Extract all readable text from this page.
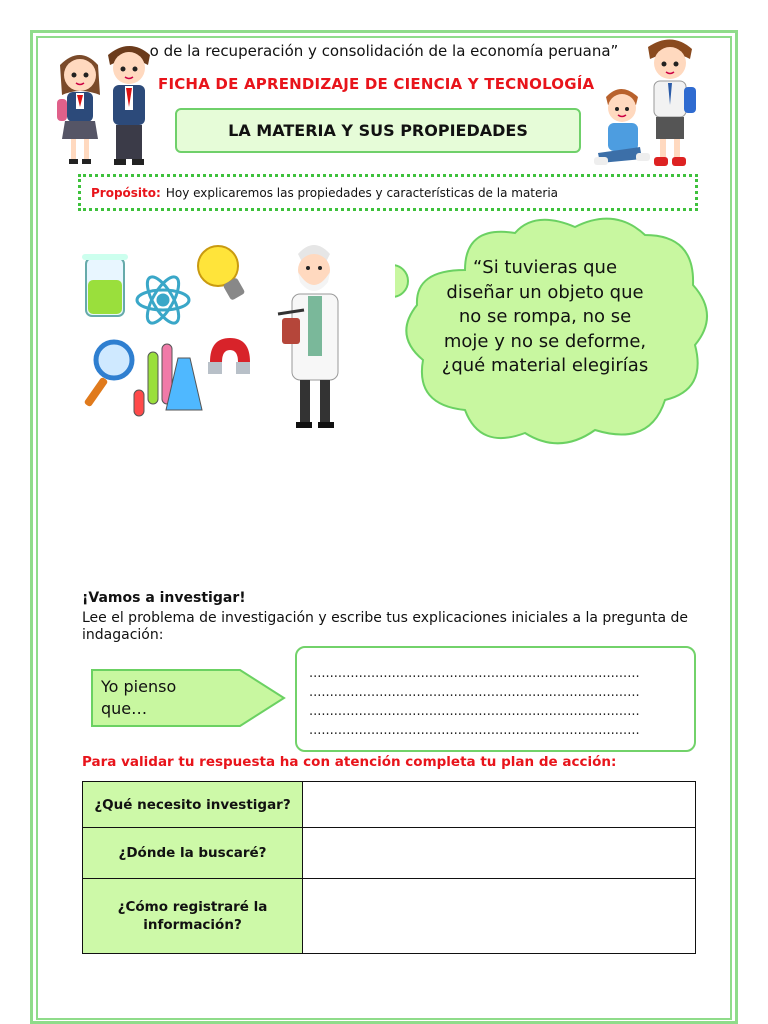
o de la recuperación y consolidación de la economía peruana”
FICHA DE APRENDIZAJE DE CIENCIA Y TECNOLOGÍA
LA MATERIA Y SUS PROPIEDADES
Propósito: Hoy explicaremos las propiedades y características de la materia
“Si tuvieras que diseñar un objeto que no se rompa, no se moje y no se deforme, ¿qué material elegirías
¡Vamos a investigar!
Lee el problema de investigación y escribe tus explicaciones iniciales a la pregunta de indagación:
Yo pienso que…
................................................................................
................................................................................
................................................................................
................................................................................
Para validar tu respuesta ha con atención completa tu plan de acción:
¿Qué necesito investigar?	
¿Dónde la buscaré?	
¿Cómo registraré la información?	
